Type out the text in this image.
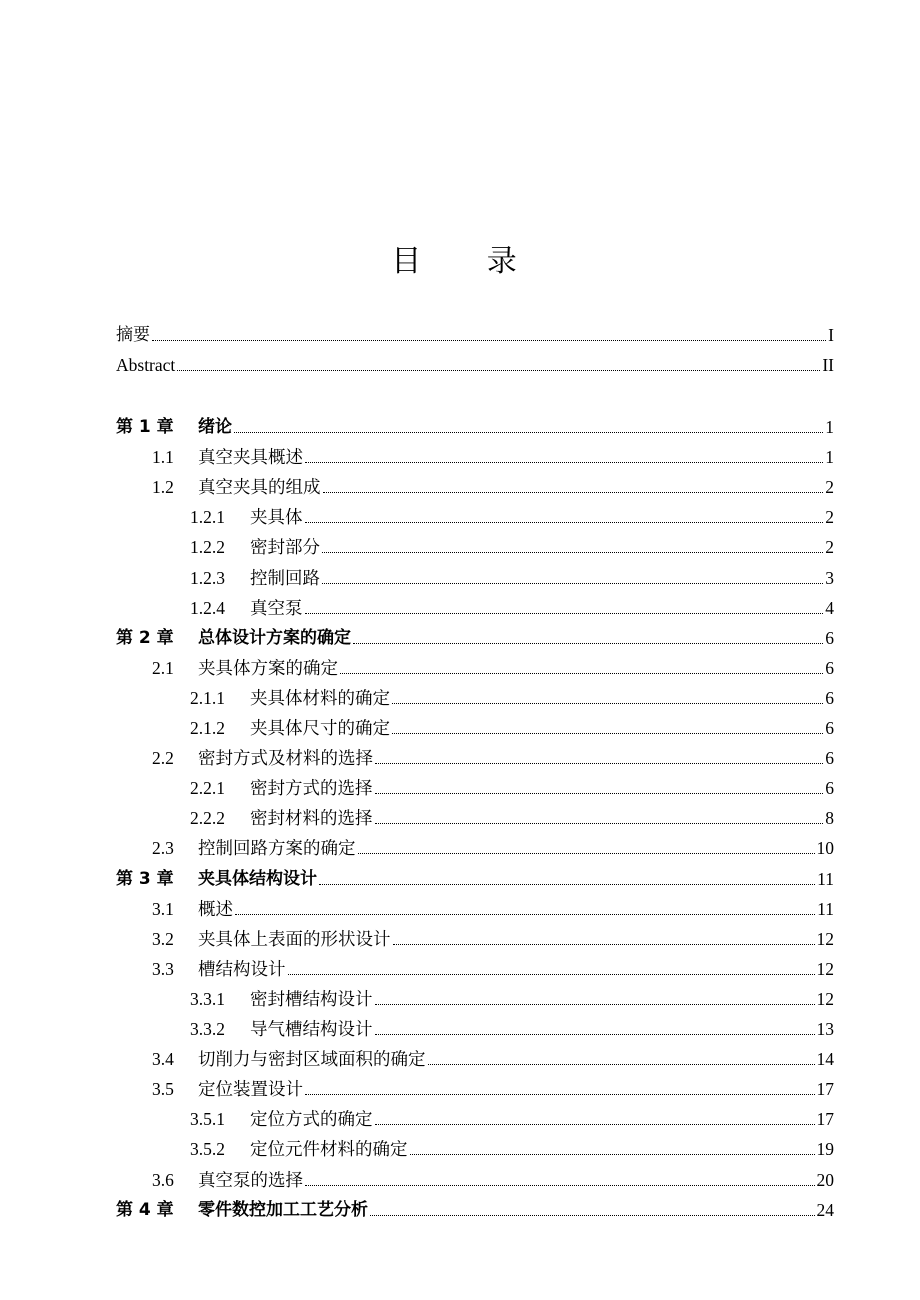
目 录
摘要	I
Abstract	II
第 1 章	绪论	1
1.1	真空夹具概述	1
1.2	真空夹具的组成	2
1.2.1	夹具体	2
1.2.2	密封部分	2
1.2.3	控制回路	3
1.2.4	真空泵	4
第 2 章	总体设计方案的确定	6
2.1	夹具体方案的确定	6
2.1.1	夹具体材料的确定	6
2.1.2	夹具体尺寸的确定	6
2.2	密封方式及材料的选择	6
2.2.1	密封方式的选择	6
2.2.2	密封材料的选择	8
2.3	控制回路方案的确定	10
第 3 章	夹具体结构设计	11
3.1	概述	11
3.2	夹具体上表面的形状设计	12
3.3	槽结构设计	12
3.3.1	密封槽结构设计	12
3.3.2	导气槽结构设计	13
3.4	切削力与密封区域面积的确定	14
3.5	定位装置设计	17
3.5.1	定位方式的确定	17
3.5.2	定位元件材料的确定	19
3.6	真空泵的选择	20
第 4 章	零件数控加工工艺分析	24
